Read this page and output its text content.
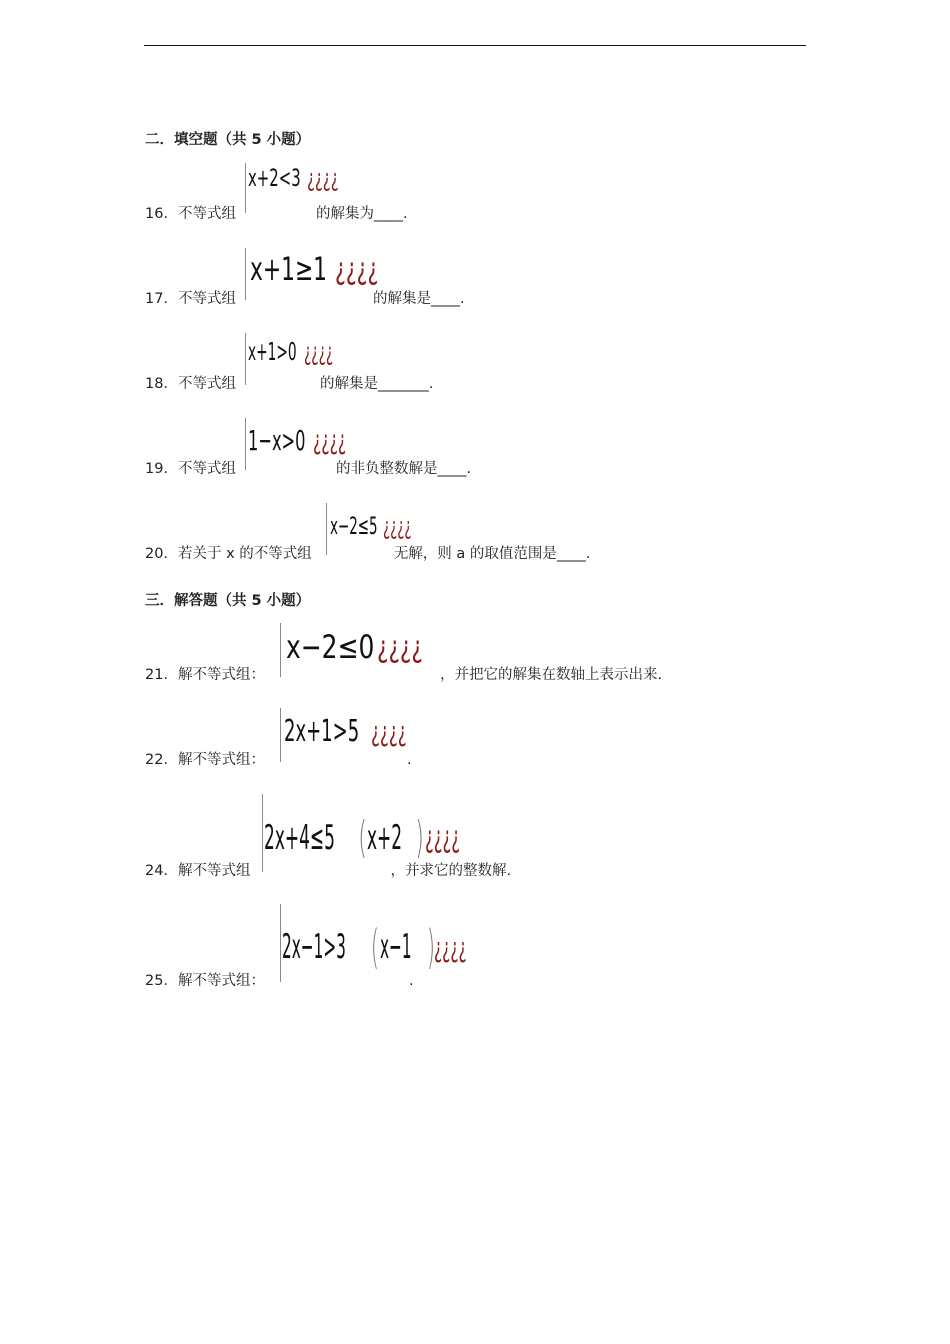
二．填空题（共 5 小题）
x+2<3 ¿¿¿¿
16．不等式组	的解集为____.
x+1≥1 ¿¿¿¿
17．不等式组	的解集是____.
x+1>0 ¿¿¿¿
18．不等式组	的解集是_______.
1−x>0 ¿¿¿¿
19．不等式组	的非负整数解是____.
x−2≤5 ¿¿¿¿
20．若关于 x 的不等式组	无解，则 a 的取值范围是____.
三．解答题（共 5 小题）
x−2≤0 ¿¿¿¿
21．解不等式组：	，并把它的解集在数轴上表示出来.
2x+1>5 ¿¿¿¿
22．解不等式组：	.
2x+4≤5 ( x+2 ) ¿¿¿¿
24．解不等式组	，并求它的整数解.
2x−1>3 ( x−1 )
¿¿¿¿
25．解不等式组：	.
